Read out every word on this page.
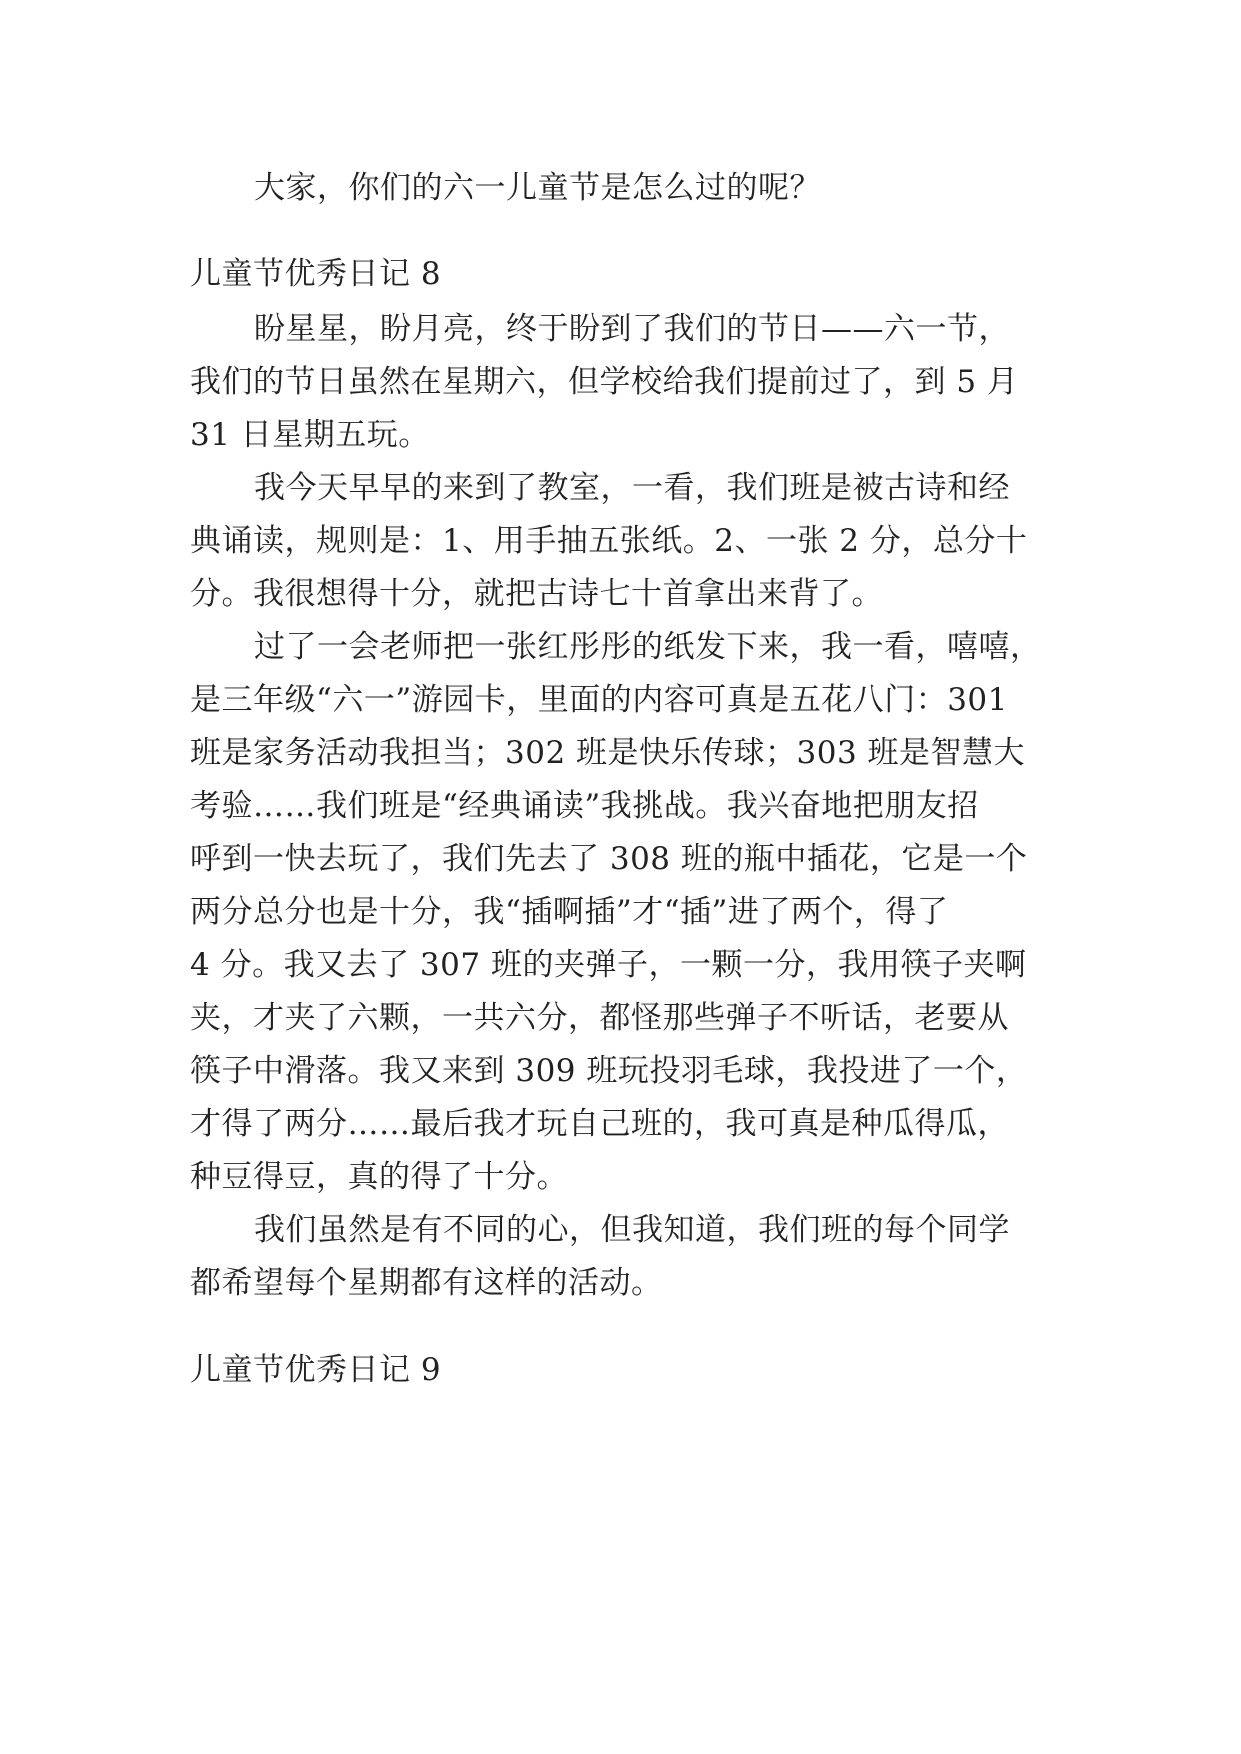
大家，你们的六一儿童节是怎么过的呢？

儿童节优秀日记 8

盼星星，盼月亮，终于盼到了我们的节日——六一节，

我们的节日虽然在星期六，但学校给我们提前过了，到 5 月

31 日星期五玩。

我今天早早的来到了教室，一看，我们班是被古诗和经

典诵读，规则是：1、用手抽五张纸。2、一张 2 分，总分十

分。我很想得十分，就把古诗七十首拿出来背了。

过了一会老师把一张红彤彤的纸发下来，我一看，嘻嘻，

是三年级“六一”游园卡，里面的内容可真是五花八门：301

班是家务活动我担当；302 班是快乐传球；303 班是智慧大

考验……我们班是“经典诵读”我挑战。我兴奋地把朋友招

呼到一快去玩了，我们先去了 308 班的瓶中插花，它是一个

两分总分也是十分，我“插啊插”才“插”进了两个，得了

4 分。我又去了 307 班的夹弹子，一颗一分，我用筷子夹啊

夹，才夹了六颗，一共六分，都怪那些弹子不听话，老要从

筷子中滑落。我又来到 309 班玩投羽毛球，我投进了一个，

才得了两分……最后我才玩自己班的，我可真是种瓜得瓜，

种豆得豆，真的得了十分。

我们虽然是有不同的心，但我知道，我们班的每个同学

都希望每个星期都有这样的活动。

儿童节优秀日记 9
